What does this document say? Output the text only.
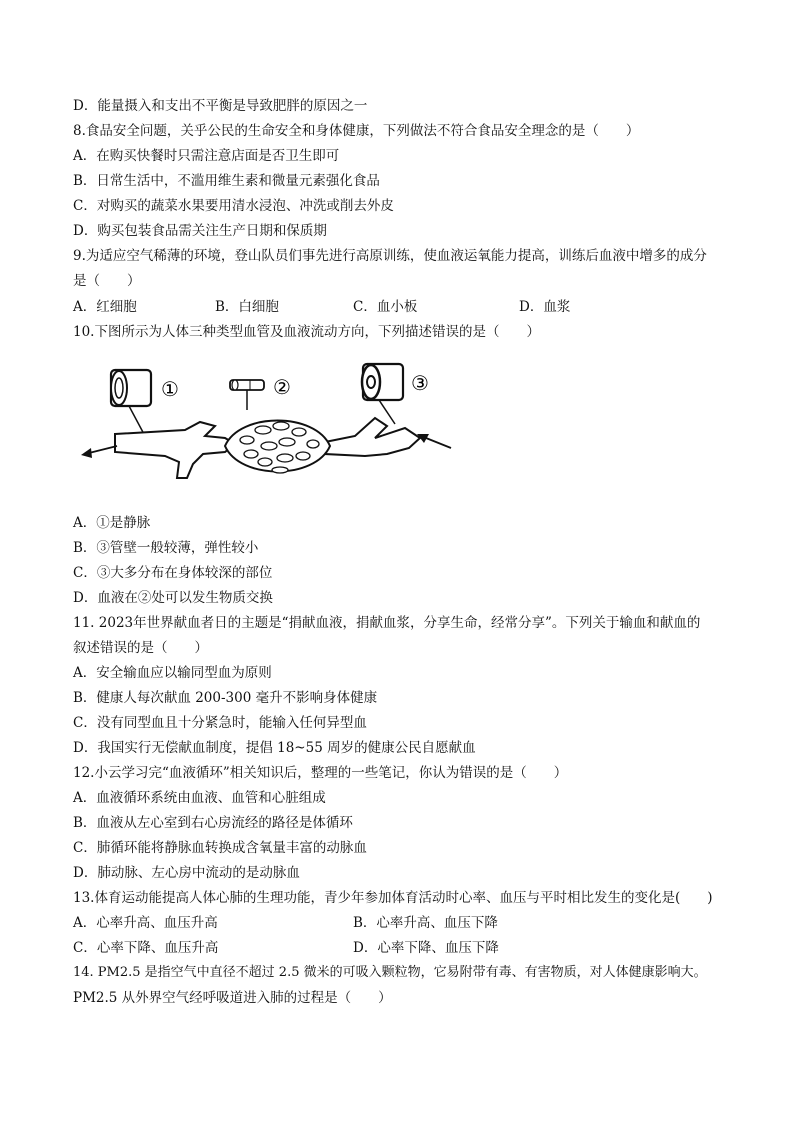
D．能量摄入和支出不平衡是导致肥胖的原因之一
8.食品安全问题，关乎公民的生命安全和身体健康，下列做法不符合食品安全理念的是（　　）
A．在购买快餐时只需注意店面是否卫生即可
B．日常生活中，不滥用维生素和微量元素强化食品
C．对购买的蔬菜水果要用清水浸泡、冲洗或削去外皮
D．购买包装食品需关注生产日期和保质期
9.为适应空气稀薄的环境，登山队员们事先进行高原训练，使血液运氧能力提高，训练后血液中增多的成分
是（　　）
A．红细胞	B．白细胞	C．血小板	D．血浆
10.下图所示为人体三种类型血管及血液流动方向，下列描述错误的是（　　）
①	②	③
A．①是静脉
B．③管壁一般较薄，弹性较小
C．③大多分布在身体较深的部位
D．血液在②处可以发生物质交换
11. 2023年世界献血者日的主题是“捐献血液，捐献血浆，分享生命，经常分享”。下列关于输血和献血的
叙述错误的是（　　）
A．安全输血应以输同型血为原则
B．健康人每次献血 200-300 毫升不影响身体健康
C．没有同型血且十分紧急时，能输入任何异型血
D．我国实行无偿献血制度，提倡 18~55 周岁的健康公民自愿献血
12.小云学习完“血液循环”相关知识后，整理的一些笔记，你认为错误的是（　　）
A．血液循环系统由血液、血管和心脏组成
B．血液从左心室到右心房流经的路径是体循环
C．肺循环能将静脉血转换成含氧量丰富的动脉血
D．肺动脉、左心房中流动的是动脉血
13.体育运动能提高人体心肺的生理功能，青少年参加体育活动时心率、血压与平时相比发生的变化是(　　)
A．心率升高、血压升高	B．心率升高、血压下降
C．心率下降、血压升高	D．心率下降、血压下降
14. PM2.5 是指空气中直径不超过 2.5 微米的可吸入颗粒物，它易附带有毒、有害物质，对人体健康影响大。
PM2.5 从外界空气经呼吸道进入肺的过程是（　　）
